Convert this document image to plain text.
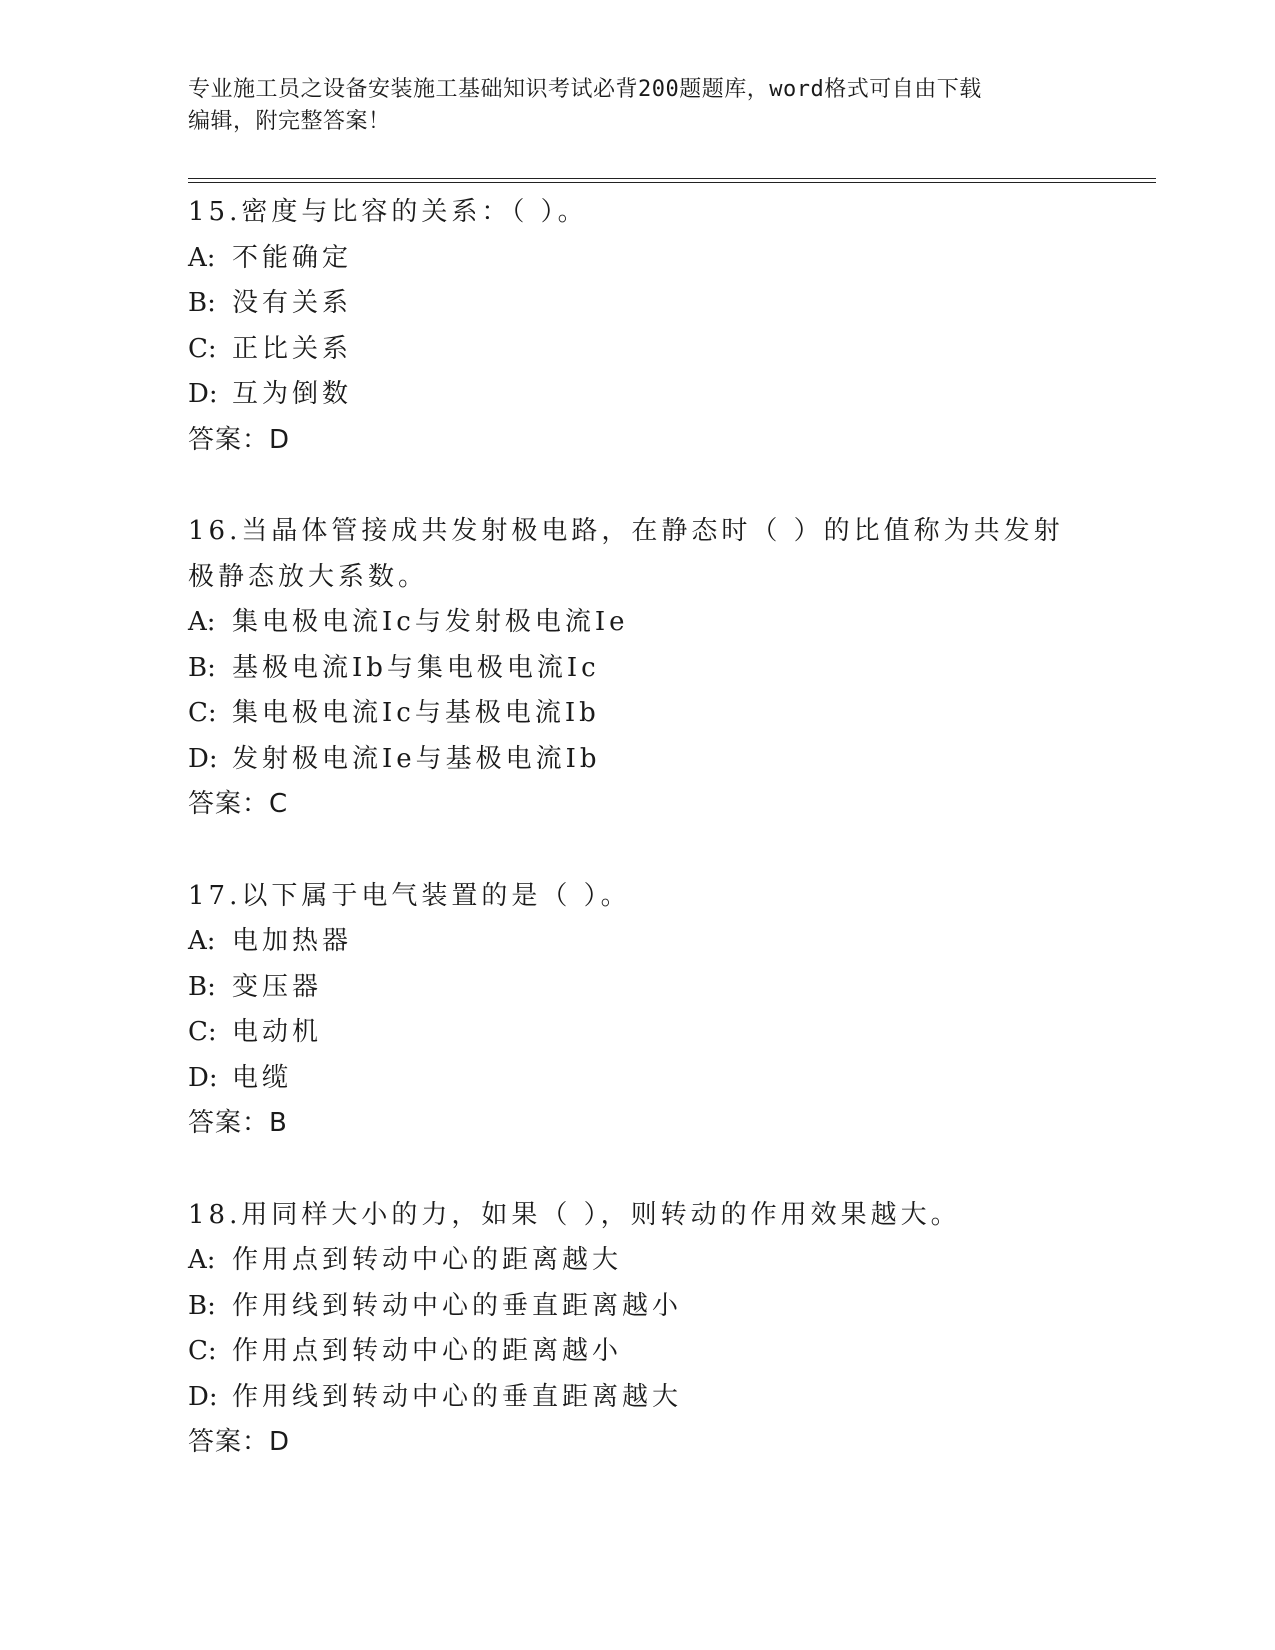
专业施工员之设备安装施工基础知识考试必背200题题库，word格式可自由下载
编辑，附完整答案！
15.密度与比容的关系：（ ）。
A: 不能确定
B: 没有关系
C: 正比关系
D: 互为倒数
答案：D
16.当晶体管接成共发射极电路，在静态时（ ）的比值称为共发射极静态放大系数。
A: 集电极电流Ic与发射极电流Ie
B: 基极电流Ib与集电极电流Ic
C: 集电极电流Ic与基极电流Ib
D: 发射极电流Ie与基极电流Ib
答案：C
17.以下属于电气装置的是（ ）。
A: 电加热器
B: 变压器
C: 电动机
D: 电缆
答案：B
18.用同样大小的力，如果（ ），则转动的作用效果越大。
A: 作用点到转动中心的距离越大
B: 作用线到转动中心的垂直距离越小
C: 作用点到转动中心的距离越小
D: 作用线到转动中心的垂直距离越大
答案：D
